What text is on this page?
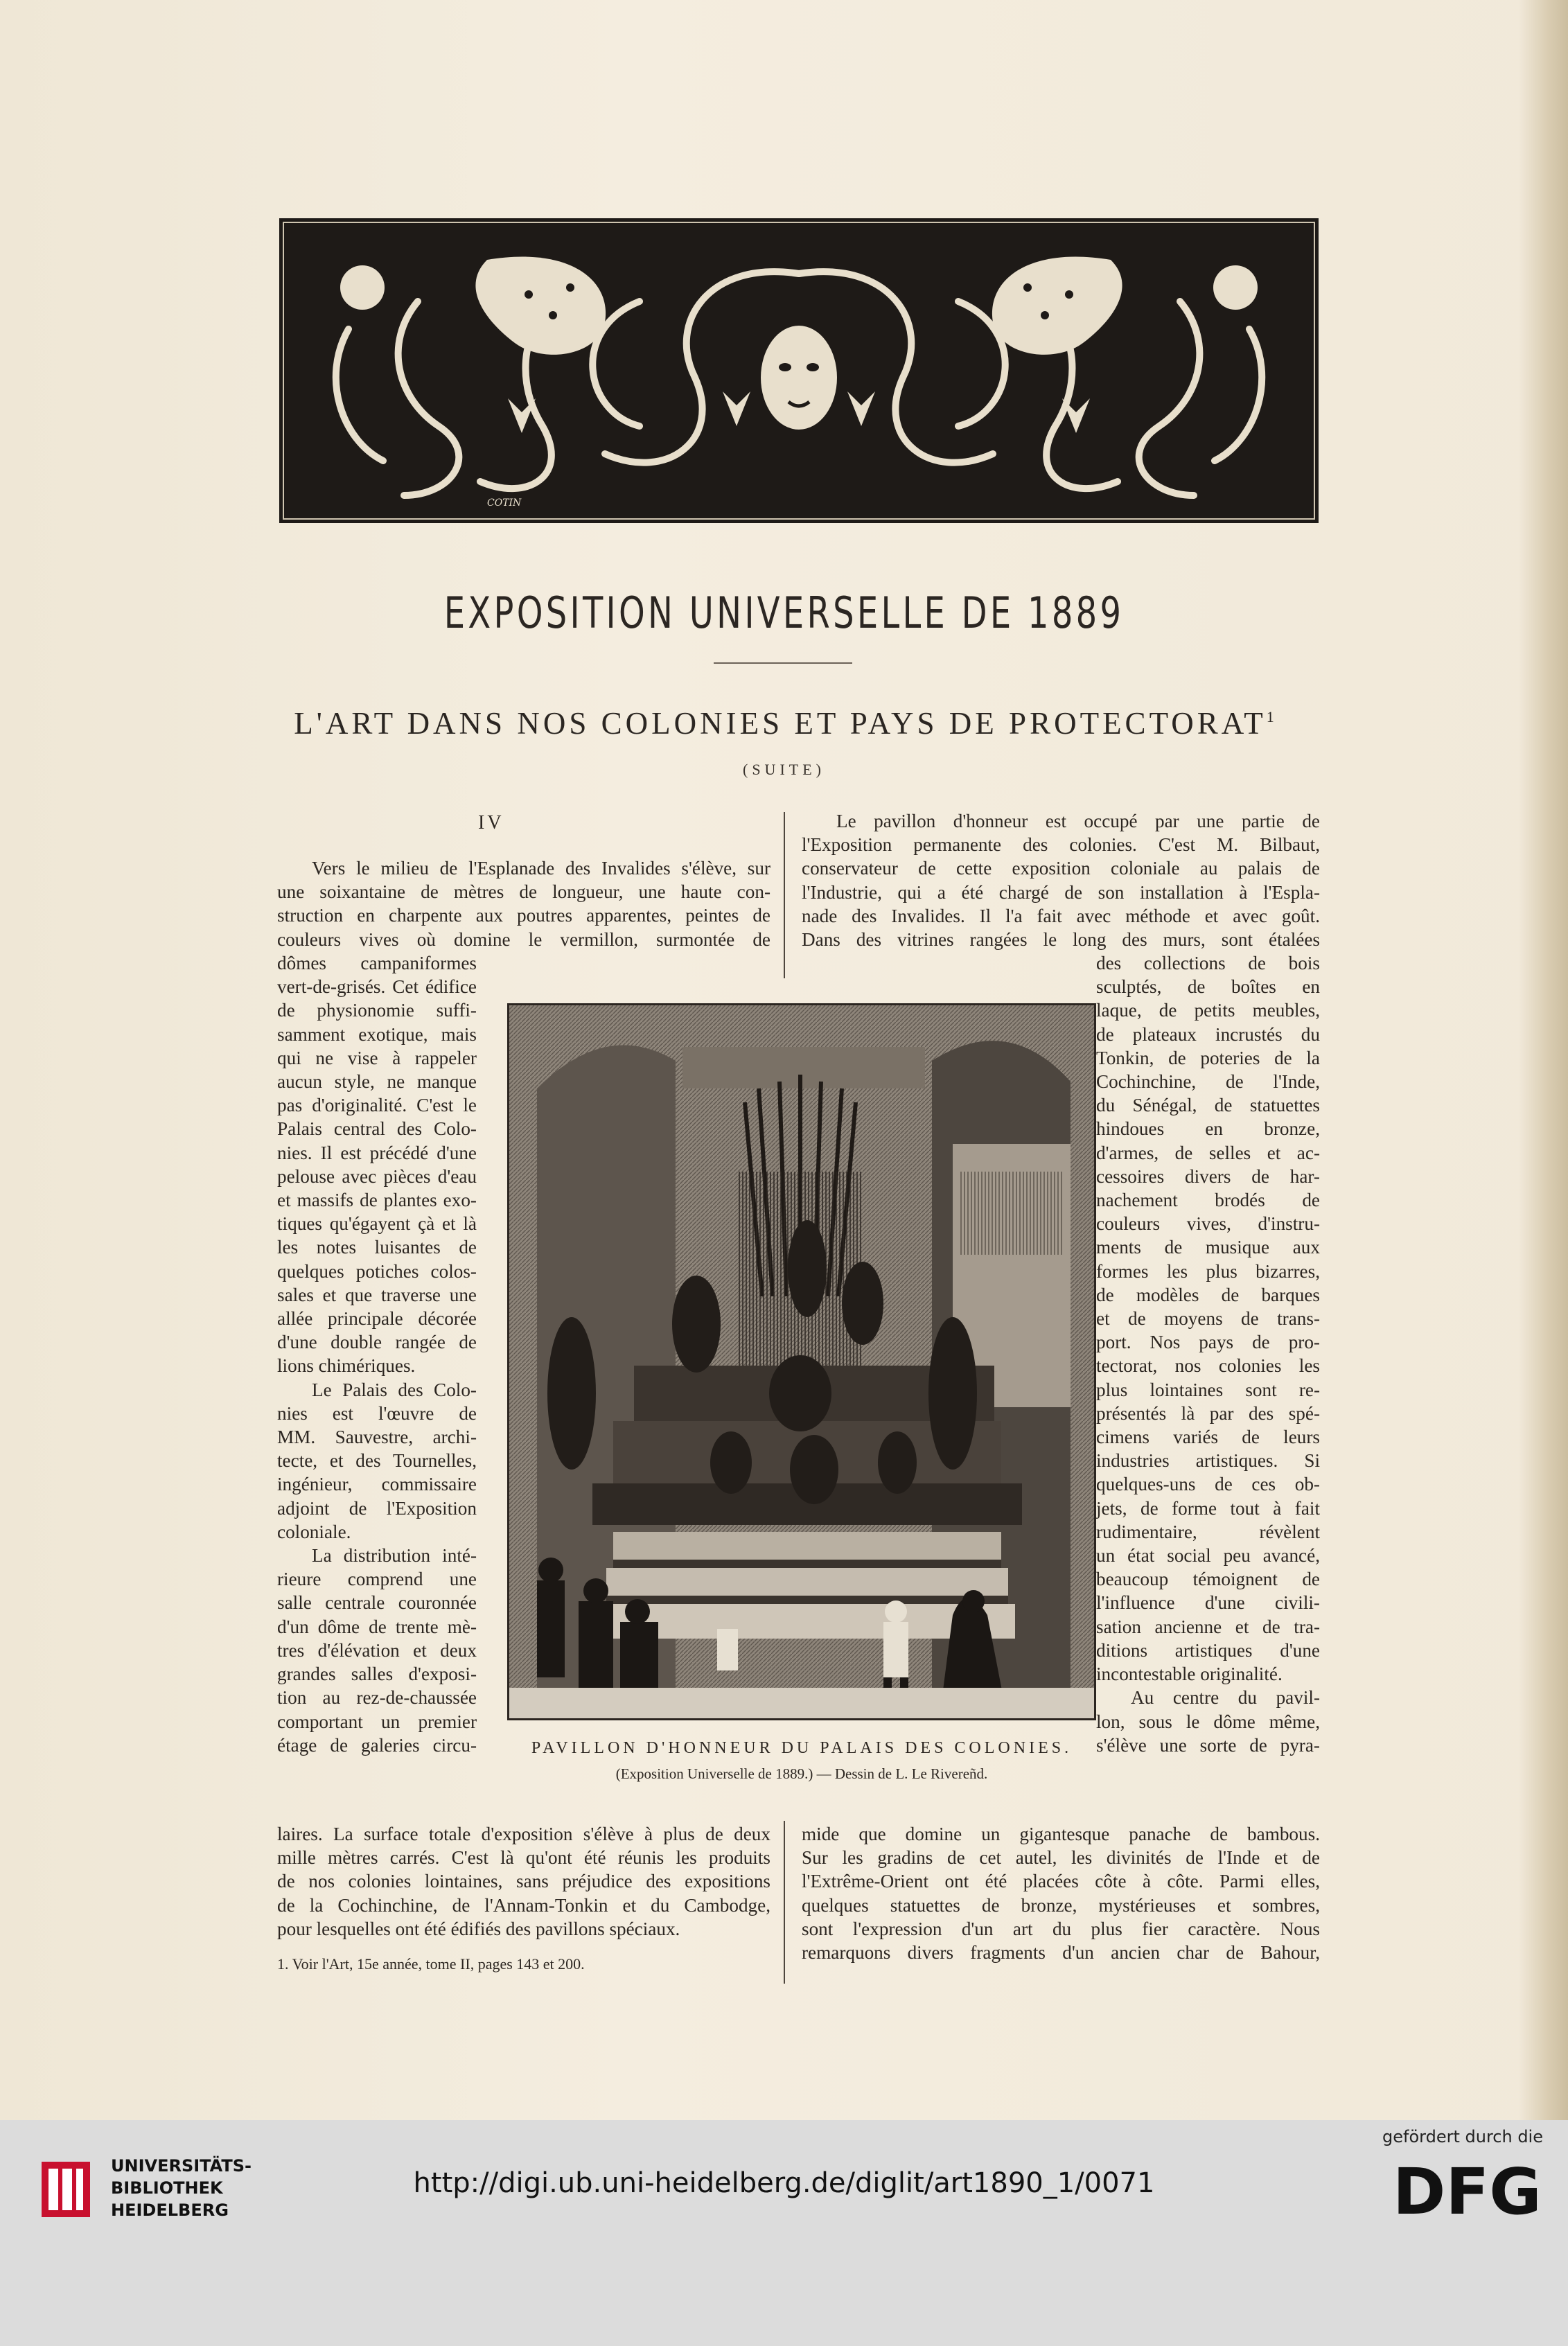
COTIN
EXPOSITION UNIVERSELLE DE 1889
L'ART DANS NOS COLONIES ET PAYS DE PROTECTORAT$^1$
(SUITE)
IV
Vers le milieu de l'Esplanade des Invalides s'élève, sur
une soixantaine de mètres de longueur, une haute con-
struction en charpente aux poutres apparentes, peintes de
couleurs vives où domine le vermillon, surmontée de
dômes campaniformes
vert-de-grisés. Cet édifice
de physionomie suffi-
samment exotique, mais
qui ne vise à rappeler
aucun style, ne manque
pas d'originalité. C'est le
Palais central des Colo-
nies. Il est précédé d'une
pelouse avec pièces d'eau
et massifs de plantes exo-
tiques qu'égayent çà et là
les notes luisantes de
quelques potiches colos-
sales et que traverse une
allée principale décorée
d'une double rangée de
lions chimériques.
Le Palais des Colo-
nies est l'œuvre de
MM. Sauvestre, archi-
tecte, et des Tournelles,
ingénieur, commissaire
adjoint de l'Exposition
coloniale.
La distribution inté-
rieure comprend une
salle centrale couronnée
d'un dôme de trente mè-
tres d'élévation et deux
grandes salles d'exposi-
tion au rez-de-chaussée
comportant un premier
étage de galeries circu-
laires. La surface totale d'exposition s'élève à plus de deux
mille mètres carrés. C'est là qu'ont été réunis les produits
de nos colonies lointaines, sans préjudice des expositions
de la Cochinchine, de l'Annam-Tonkin et du Cambodge,
pour lesquelles ont été édifiés des pavillons spéciaux.
Le pavillon d'honneur est occupé par une partie de
l'Exposition permanente des colonies. C'est M. Bilbaut,
conservateur de cette exposition coloniale au palais de
l'Industrie, qui a été chargé de son installation à l'Espla-
nade des Invalides. Il l'a fait avec méthode et avec goût.
Dans des vitrines rangées le long des murs, sont étalées
des collections de bois
sculptés, de boîtes en
laque, de petits meubles,
de plateaux incrustés du
Tonkin, de poteries de la
Cochinchine, de l'Inde,
du Sénégal, de statuettes
hindoues en bronze,
d'armes, de selles et ac-
cessoires divers de har-
nachement brodés de
couleurs vives, d'instru-
ments de musique aux
formes les plus bizarres,
de modèles de barques
et de moyens de trans-
port. Nos pays de pro-
tectorat, nos colonies les
plus lointaines sont re-
présentés là par des spé-
cimens variés de leurs
industries artistiques. Si
quelques-uns de ces ob-
jets, de forme tout à fait
rudimentaire, révèlent
un état social peu avancé,
beaucoup témoignent de
l'influence d'une civili-
sation ancienne et de tra-
ditions artistiques d'une
incontestable originalité.
Au centre du pavil-
lon, sous le dôme même,
s'élève une sorte de pyra-
mide que domine un gigantesque panache de bambous.
Sur les gradins de cet autel, les divinités de l'Inde et de
l'Extrême-Orient ont été placées côte à côte. Parmi elles,
quelques statuettes de bronze, mystérieuses et sombres,
sont l'expression d'un art du plus fier caractère. Nous
remarquons divers fragments d'un ancien char de Bahour,
PAVILLON D'HONNEUR DU PALAIS DES COLONIES.
(Exposition Universelle de 1889.) — Dessin de L. Le Rivereñd.
1. Voir l'Art, 15e année, tome II, pages 143 et 200.
UNIVERSITÄTS-
BIBLIOTHEK
HEIDELBERG
http://digi.ub.uni-heidelberg.de/diglit/art1890_1/0071
gefördert durch die
DFG
